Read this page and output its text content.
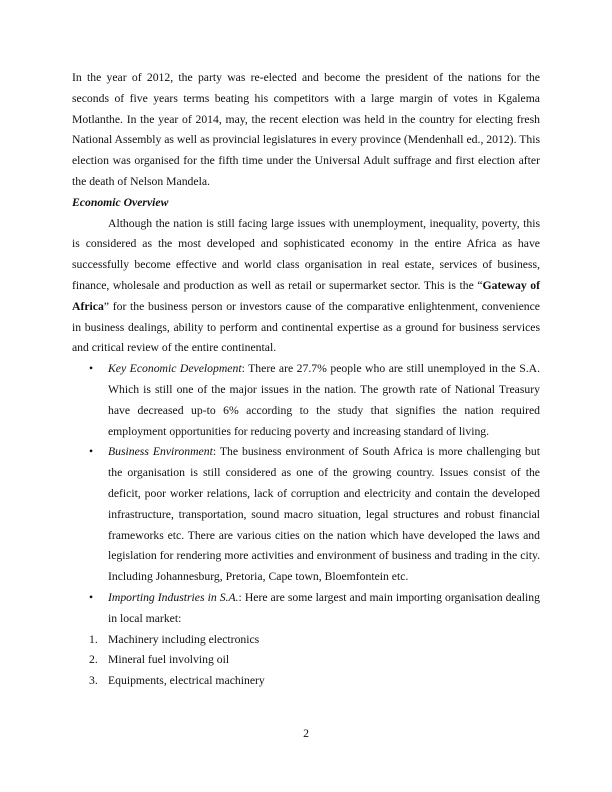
In the year of 2012, the party was re-elected and become the president of the nations for the seconds of five years terms beating his competitors with a large margin of votes in Kgalema Motlanthe. In the year of 2014, may, the recent election was held in the country for electing fresh National Assembly as well as provincial legislatures in every province (Mendenhall ed., 2012). This election was organised for the fifth time under the Universal Adult suffrage and first election after the death of Nelson Mandela.

Economic Overview

Although the nation is still facing large issues with unemployment, inequality, poverty, this is considered as the most developed and sophisticated economy in the entire Africa as have successfully become effective and world class organisation in real estate, services of business, finance, wholesale and production as well as retail or supermarket sector. This is the “Gateway of Africa” for the business person or investors cause of the comparative enlightenment, convenience in business dealings, ability to perform and continental expertise as a ground for business services and critical review of the entire continental.

• Key Economic Development: There are 27.7% people who are still unemployed in the S.A. Which is still one of the major issues in the nation. The growth rate of National Treasury have decreased up-to 6% according to the study that signifies the nation required employment opportunities for reducing poverty and increasing standard of living.
• Business Environment: The business environment of South Africa is more challenging but the organisation is still considered as one of the growing country. Issues consist of the deficit, poor worker relations, lack of corruption and electricity and contain the developed infrastructure, transportation, sound macro situation, legal structures and robust financial frameworks etc. There are various cities on the nation which have developed the laws and legislation for rendering more activities and environment of business and trading in the city. Including Johannesburg, Pretoria, Cape town, Bloemfontein etc.
• Importing Industries in S.A.: Here are some largest and main importing organisation dealing in local market:
1. Machinery including electronics
2. Mineral fuel involving oil
3. Equipments, electrical machinery
2
